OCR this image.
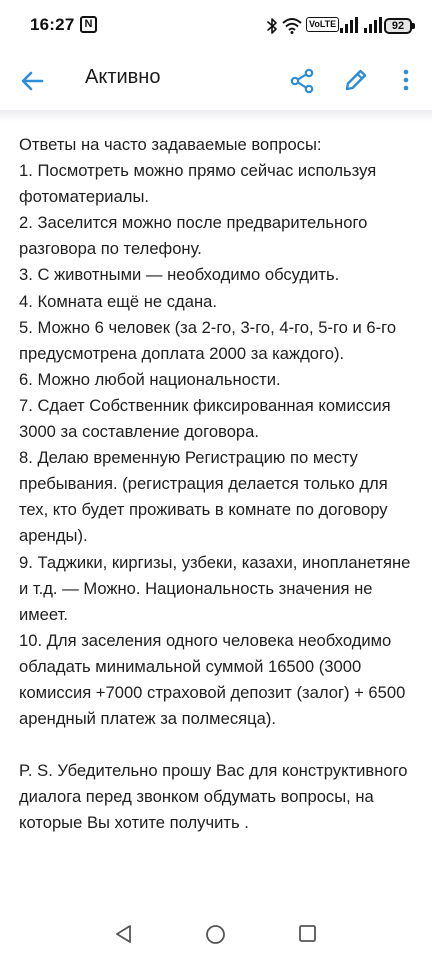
16:27 N	VoLTE	92
Активно

Ответы на часто задаваемые вопросы:

1. Посмотреть можно прямо сейчас используя фотоматериалы.

2. Заселится можно после предварительного разговора по телефону.

3. С животными — необходимо обсудить.

4. Комната ещё не сдана.

5. Можно 6 человек (за 2-го, 3-го, 4-го, 5-го и 6-го предусмотрена доплата 2000 за каждого).

6. Можно любой национальности.

7. Сдает Собственник фиксированная комиссия 3000 за составление договора.

8. Делаю временную Регистрацию по месту пребывания. (регистрация делается только для тех, кто будет проживать в комнате по договору аренды).

9. Таджики, киргизы, узбеки, казахи, инопланетяне и т.д. — Можно. Национальность значения не имеет.

10. Для заселения одного человека необходимо обладать минимальной суммой 16500 (3000 комиссия +7000 страховой депозит (залог) + 6500 арендный платеж за полмесяца).

P. S. Убедительно прошу Вас для конструктивного диалога перед звонком обдумать вопросы, на которые Вы хотите получить .
